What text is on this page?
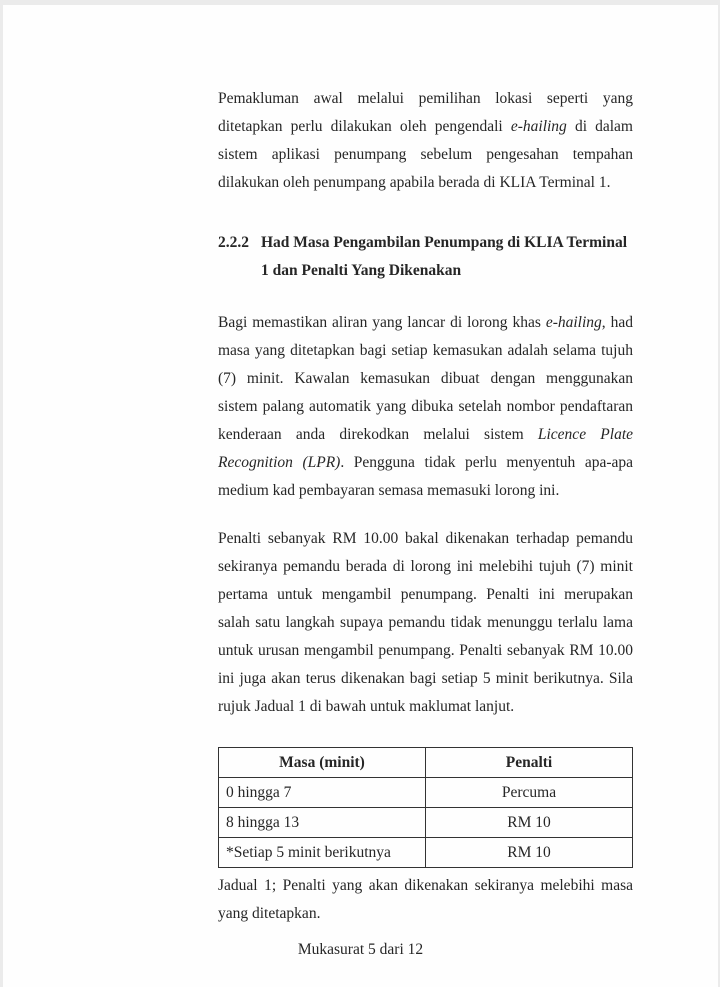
Pemakluman awal melalui pemilihan lokasi seperti yang ditetapkan perlu dilakukan oleh pengendali e-hailing di dalam sistem aplikasi penumpang sebelum pengesahan tempahan dilakukan oleh penumpang apabila berada di KLIA Terminal 1.

2.2.2 Had Masa Pengambilan Penumpang di KLIA Terminal 1 dan Penalti Yang Dikenakan

Bagi memastikan aliran yang lancar di lorong khas e-hailing, had masa yang ditetapkan bagi setiap kemasukan adalah selama tujuh (7) minit. Kawalan kemasukan dibuat dengan menggunakan sistem palang automatik yang dibuka setelah nombor pendaftaran kenderaan anda direkodkan melalui sistem Licence Plate Recognition (LPR). Pengguna tidak perlu menyentuh apa-apa medium kad pembayaran semasa memasuki lorong ini.

Penalti sebanyak RM 10.00 bakal dikenakan terhadap pemandu sekiranya pemandu berada di lorong ini melebihi tujuh (7) minit pertama untuk mengambil penumpang. Penalti ini merupakan salah satu langkah supaya pemandu tidak menunggu terlalu lama untuk urusan mengambil penumpang. Penalti sebanyak RM 10.00 ini juga akan terus dikenakan bagi setiap 5 minit berikutnya. Sila rujuk Jadual 1 di bawah untuk maklumat lanjut.

Masa (minit)	Penalti
0 hingga 7	Percuma
8 hingga 13	RM 10
*Setiap 5 minit berikutnya	RM 10

Jadual 1; Penalti yang akan dikenakan sekiranya melebihi masa yang ditetapkan.

Mukasurat 5 dari 12
